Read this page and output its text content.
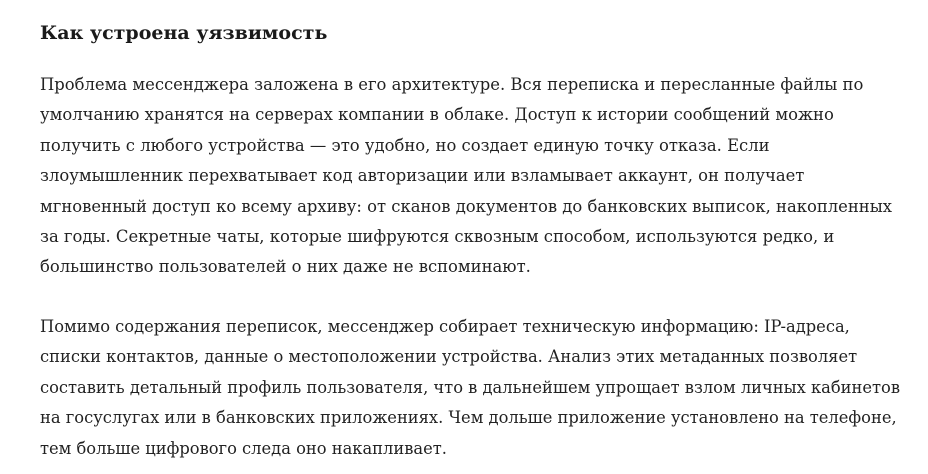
Как устроена уязвимость

Проблема мессенджера заложена в его архитектуре. Вся переписка и пересланные файлы по
умолчанию хранятся на серверах компании в облаке. Доступ к истории сообщений можно
получить с любого устройства — это удобно, но создает единую точку отказа. Если
злоумышленник перехватывает код авторизации или взламывает аккаунт, он получает
мгновенный доступ ко всему архиву: от сканов документов до банковских выписок, накопленных
за годы. Секретные чаты, которые шифруются сквозным способом, используются редко, и
большинство пользователей о них даже не вспоминают.

Помимо содержания переписок, мессенджер собирает техническую информацию: IP-адреса,
списки контактов, данные о местоположении устройства. Анализ этих метаданных позволяет
составить детальный профиль пользователя, что в дальнейшем упрощает взлом личных кабинетов
на госуслугах или в банковских приложениях. Чем дольше приложение установлено на телефоне,
тем больше цифрового следа оно накапливает.
